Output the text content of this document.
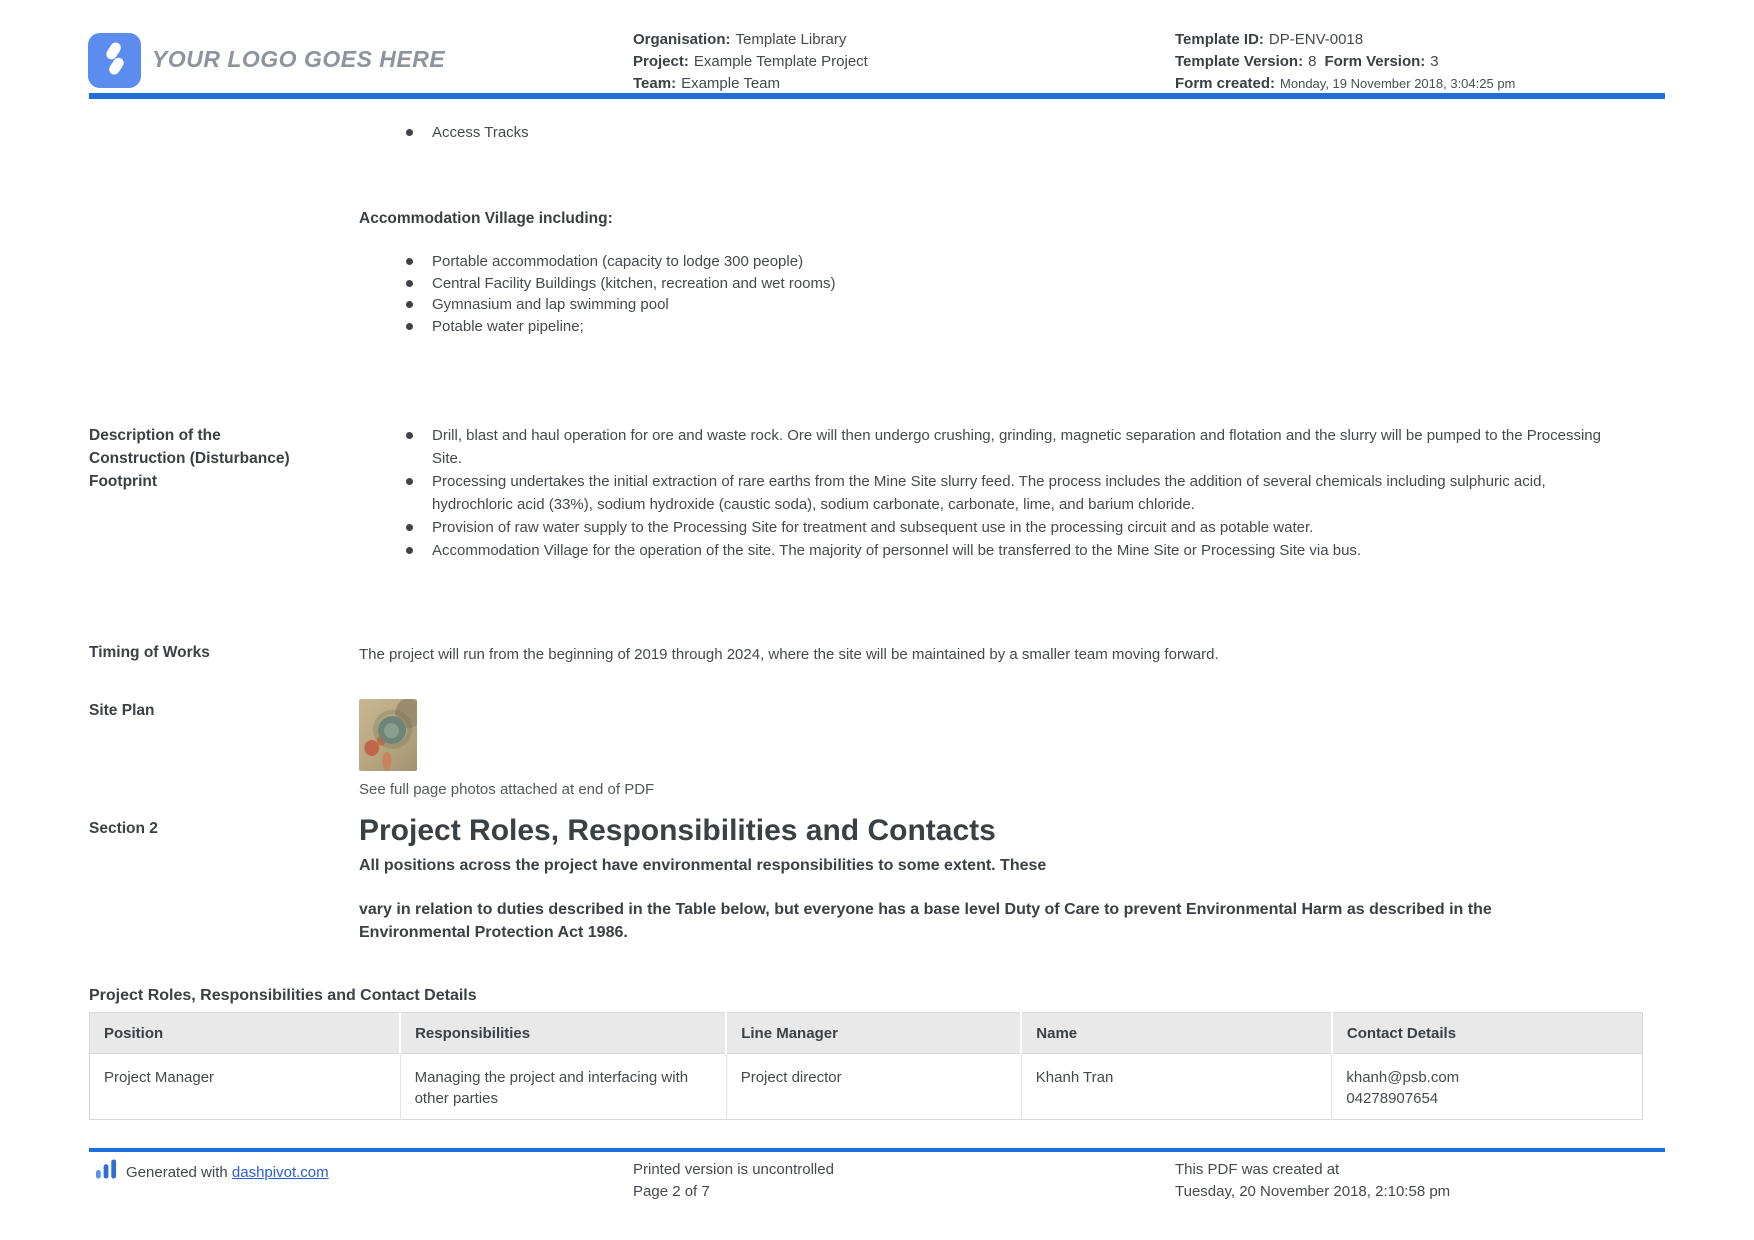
YOUR LOGO GOES HERE
Organisation: Template Library
Project: Example Template Project
Team: Example Team
Template ID: DP-ENV-0018
Template Version: 8 Form Version: 3
Form created: Monday, 19 November 2018, 3:04:25 pm
Access Tracks
Accommodation Village including:
Portable accommodation (capacity to lodge 300 people)
Central Facility Buildings (kitchen, recreation and wet rooms)
Gymnasium and lap swimming pool
Potable water pipeline;
Description of the Construction (Disturbance) Footprint
Drill, blast and haul operation for ore and waste rock. Ore will then undergo crushing, grinding, magnetic separation and flotation and the slurry will be pumped to the Processing Site.
Processing undertakes the initial extraction of rare earths from the Mine Site slurry feed. The process includes the addition of several chemicals including sulphuric acid, hydrochloric acid (33%), sodium hydroxide (caustic soda), sodium carbonate, carbonate, lime, and barium chloride.
Provision of raw water supply to the Processing Site for treatment and subsequent use in the processing circuit and as potable water.
Accommodation Village for the operation of the site. The majority of personnel will be transferred to the Mine Site or Processing Site via bus.
Timing of Works	The project will run from the beginning of 2019 through 2024, where the site will be maintained by a smaller team moving forward.
Site Plan
See full page photos attached at end of PDF
Section 2	Project Roles, Responsibilities and Contacts
All positions across the project have environmental responsibilities to some extent. These
vary in relation to duties described in the Table below, but everyone has a base level Duty of Care to prevent Environmental Harm as described in the Environmental Protection Act 1986.
Project Roles, Responsibilities and Contact Details
Position	Responsibilities	Line Manager	Name	Contact Details
Project Manager	Managing the project and interfacing with other parties	Project director	Khanh Tran	khanh@psb.com
04278907654
Generated with dashpivot.com	Printed version is uncontrolled
Page 2 of 7
This PDF was created at
Tuesday, 20 November 2018, 2:10:58 pm
